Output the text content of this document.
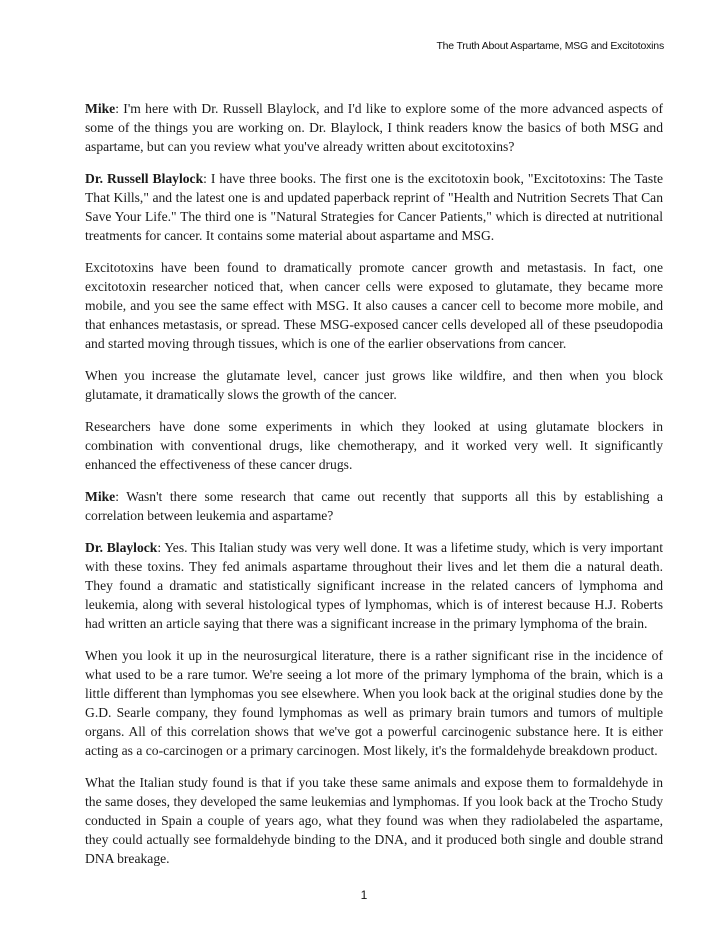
The Truth About Aspartame, MSG and Excitotoxins

Mike: I'm here with Dr. Russell Blaylock, and I'd like to explore some of the more advanced aspects of some of the things you are working on. Dr. Blaylock, I think readers know the basics of both MSG and aspartame, but can you review what you've already written about excitotoxins?

Dr. Russell Blaylock: I have three books. The first one is the excitotoxin book, "Excitotoxins: The Taste That Kills," and the latest one is and updated paperback reprint of "Health and Nutrition Secrets That Can Save Your Life." The third one is "Natural Strategies for Cancer Patients," which is directed at nutritional treatments for cancer. It contains some material about aspartame and MSG.

Excitotoxins have been found to dramatically promote cancer growth and metastasis. In fact, one excitotoxin researcher noticed that, when cancer cells were exposed to glutamate, they became more mobile, and you see the same effect with MSG. It also causes a cancer cell to become more mobile, and that enhances metastasis, or spread. These MSG-exposed cancer cells developed all of these pseudopodia and started moving through tissues, which is one of the earlier observations from cancer.

When you increase the glutamate level, cancer just grows like wildfire, and then when you block glutamate, it dramatically slows the growth of the cancer.

Researchers have done some experiments in which they looked at using glutamate blockers in combination with conventional drugs, like chemotherapy, and it worked very well. It significantly enhanced the effectiveness of these cancer drugs.

Mike: Wasn't there some research that came out recently that supports all this by establishing a correlation between leukemia and aspartame?

Dr. Blaylock: Yes. This Italian study was very well done. It was a lifetime study, which is very important with these toxins. They fed animals aspartame throughout their lives and let them die a natural death. They found a dramatic and statistically significant increase in the related cancers of lymphoma and leukemia, along with several histological types of lymphomas, which is of interest because H.J. Roberts had written an article saying that there was a significant increase in the primary lymphoma of the brain.

When you look it up in the neurosurgical literature, there is a rather significant rise in the incidence of what used to be a rare tumor. We're seeing a lot more of the primary lymphoma of the brain, which is a little different than lymphomas you see elsewhere. When you look back at the original studies done by the G.D. Searle company, they found lymphomas as well as primary brain tumors and tumors of multiple organs. All of this correlation shows that we've got a powerful carcinogenic substance here. It is either acting as a co-carcinogen or a primary carcinogen. Most likely, it's the formaldehyde breakdown product.

What the Italian study found is that if you take these same animals and expose them to formaldehyde in the same doses, they developed the same leukemias and lymphomas. If you look back at the Trocho Study conducted in Spain a couple of years ago, what they found was when they radiolabeled the aspartame, they could actually see formaldehyde binding to the DNA, and it produced both single and double strand DNA breakage.

1
